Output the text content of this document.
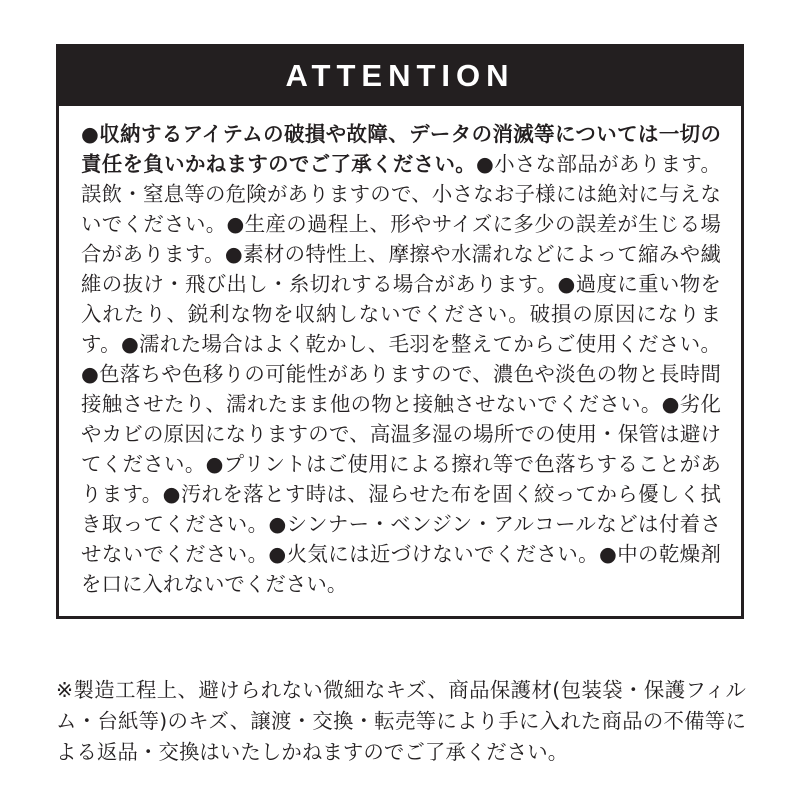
ATTENTION
●収納するアイテムの破損や故障、データの消滅等については一切の責任を負いかねますのでご了承ください。●小さな部品があります。誤飲・窒息等の危険がありますので、小さなお子様には絶対に与えないでください。●生産の過程上、形やサイズに多少の誤差が生じる場合があります。●素材の特性上、摩擦や水濡れなどによって縮みや繊維の抜け・飛び出し・糸切れする場合があります。●過度に重い物を入れたり、鋭利な物を収納しないでください。破損の原因になります。●濡れた場合はよく乾かし、毛羽を整えてからご使用ください。●色落ちや色移りの可能性がありますので、濃色や淡色の物と長時間接触させたり、濡れたまま他の物と接触させないでください。●劣化やカビの原因になりますので、高温多湿の場所での使用・保管は避けてください。●プリントはご使用による擦れ等で色落ちすることがあります。●汚れを落とす時は、湿らせた布を固く絞ってから優しく拭き取ってください。●シンナー・ベンジン・アルコールなどは付着させないでください。●火気には近づけないでください。●中の乾燥剤を口に入れないでください。

※製造工程上、避けられない微細なキズ、商品保護材(包装袋・保護フィルム・台紙等)のキズ、譲渡・交換・転売等により手に入れた商品の不備等による返品・交換はいたしかねますのでご了承ください。
